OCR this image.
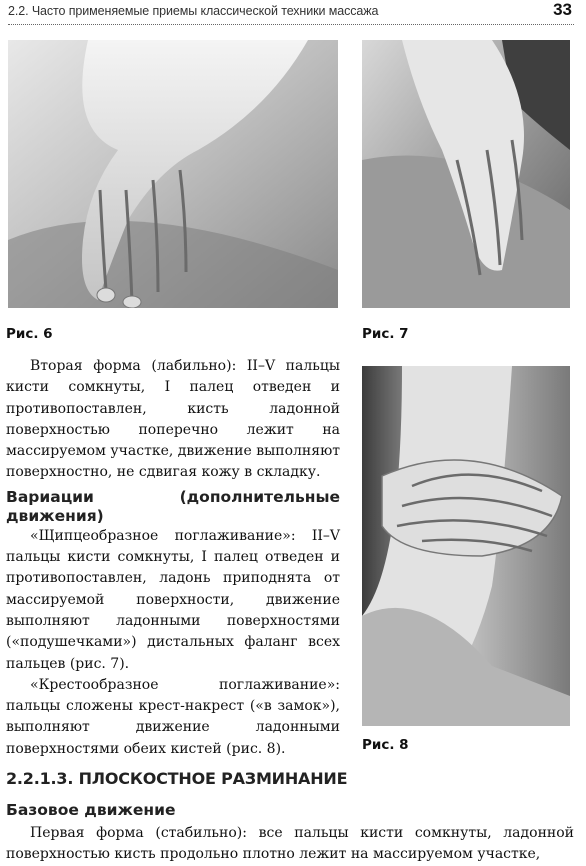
2.2. Часто применяемые приемы классической техники массажа	33
Рис. 6	Рис. 7
Рис. 8

Вторая форма (лабильно): II–V пальцы кисти сомкнуты, I палец отведен и противопоставлен, кисть ладонной поверхностью поперечно лежит на массируемом участке, движение выполняют поверхностно, не сдвигая кожу в складку.

Вариации (дополнительные движения)

«Щипцеобразное поглаживание»: II–V пальцы кисти сомкнуты, I палец отведен и противопоставлен, ладонь приподнята от массируемой поверхности, движение выполняют ладонными поверхностями («подушечками») дистальных фаланг всех пальцев (рис. 7).

«Крестообразное поглаживание»: пальцы сложены крест-накрест («в замок»), выполняют движение ладонными поверхностями обеих кистей (рис. 8).

2.2.1.3. ПЛОСКОСТНОЕ РАЗМИНАНИЕ
Базовое движение

Первая форма (стабильно): все пальцы кисти сомкнуты, ладонной поверхностью кисть продольно плотно лежит на массируемом участке,
